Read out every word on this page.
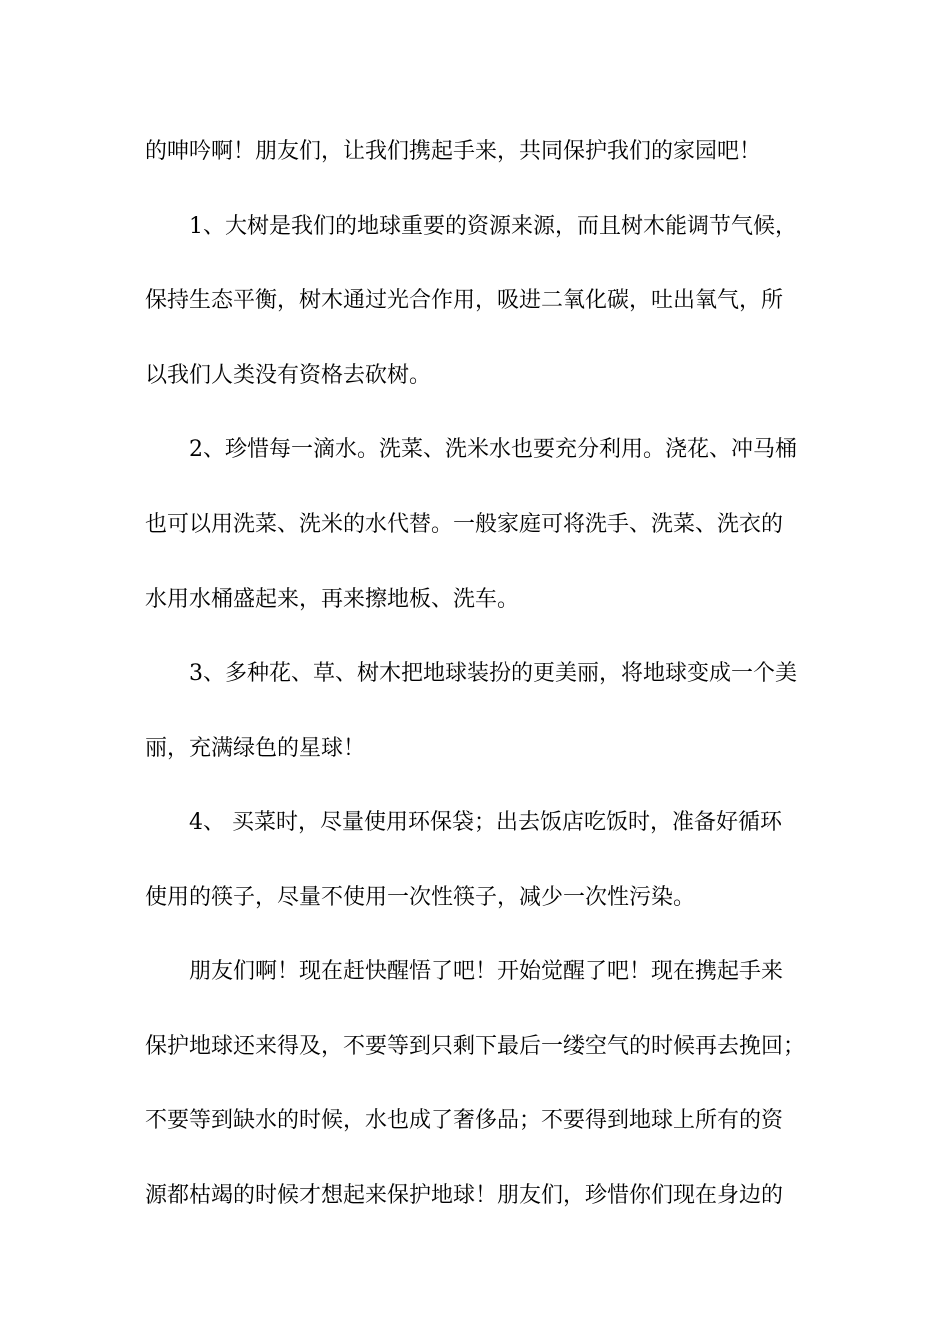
的呻吟啊！朋友们，让我们携起手来，共同保护我们的家园吧！
1、大树是我们的地球重要的资源来源，而且树木能调节气候，
保持生态平衡，树木通过光合作用，吸进二氧化碳，吐出氧气，所
以我们人类没有资格去砍树。
2、珍惜每一滴水。洗菜、洗米水也要充分利用。浇花、冲马桶
也可以用洗菜、洗米的水代替。一般家庭可将洗手、洗菜、洗衣的
水用水桶盛起来，再来擦地板、洗车。
3、多种花、草、树木把地球装扮的更美丽，将地球变成一个美
丽，充满绿色的星球！
4、 买菜时，尽量使用环保袋；出去饭店吃饭时，准备好循环
使用的筷子，尽量不使用一次性筷子，减少一次性污染。
朋友们啊！现在赶快醒悟了吧！开始觉醒了吧！现在携起手来
保护地球还来得及，不要等到只剩下最后一缕空气的时候再去挽回；
不要等到缺水的时候，水也成了奢侈品；不要得到地球上所有的资
源都枯竭的时候才想起来保护地球！朋友们，珍惜你们现在身边的
